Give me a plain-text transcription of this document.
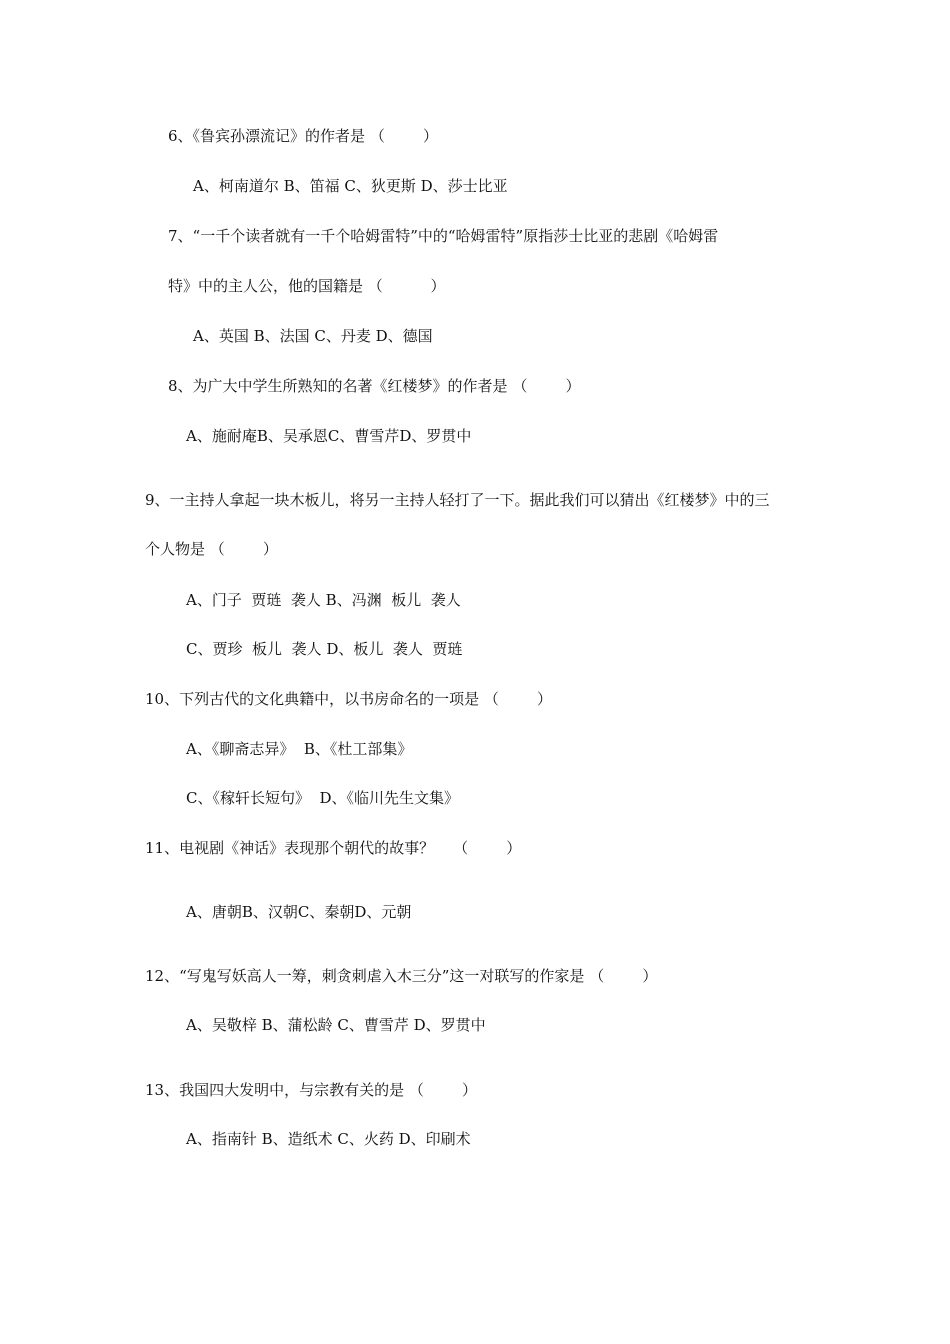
6、《鲁宾孙漂流记》的作者是 （        ）
A、柯南道尔 B、笛福 C、狄更斯 D、莎士比亚
7、“一千个读者就有一千个哈姆雷特”中的“哈姆雷特”原指莎士比亚的悲剧《哈姆雷
特》中的主人公，他的国籍是 （          ）
A、英国 B、法国 C、丹麦 D、德国
8、为广大中学生所熟知的名著《红楼梦》的作者是 （        ）
A、施耐庵B、吴承恩C、曹雪芹D、罗贯中
9、一主持人拿起一块木板儿，将另一主持人轻打了一下。据此我们可以猜出《红楼梦》中的三
个人物是 （        ）
A、门子  贾琏  袭人 B、冯渊  板儿  袭人
C、贾珍  板儿  袭人 D、板儿  袭人  贾琏
10、下列古代的文化典籍中，以书房命名的一项是 （        ）
A、《聊斋志异》  B、《杜工部集》
C、《稼轩长短句》  D、《临川先生文集》
11、电视剧《神话》表现那个朝代的故事？    （        ）
A、唐朝B、汉朝C、秦朝D、元朝
12、“写鬼写妖高人一筹，刺贪刺虐入木三分”这一对联写的作家是 （        ）
A、吴敬梓 B、蒲松龄 C、曹雪芹 D、罗贯中
13、我国四大发明中，与宗教有关的是 （        ）
A、指南针 B、造纸术 C、火药 D、印刷术
